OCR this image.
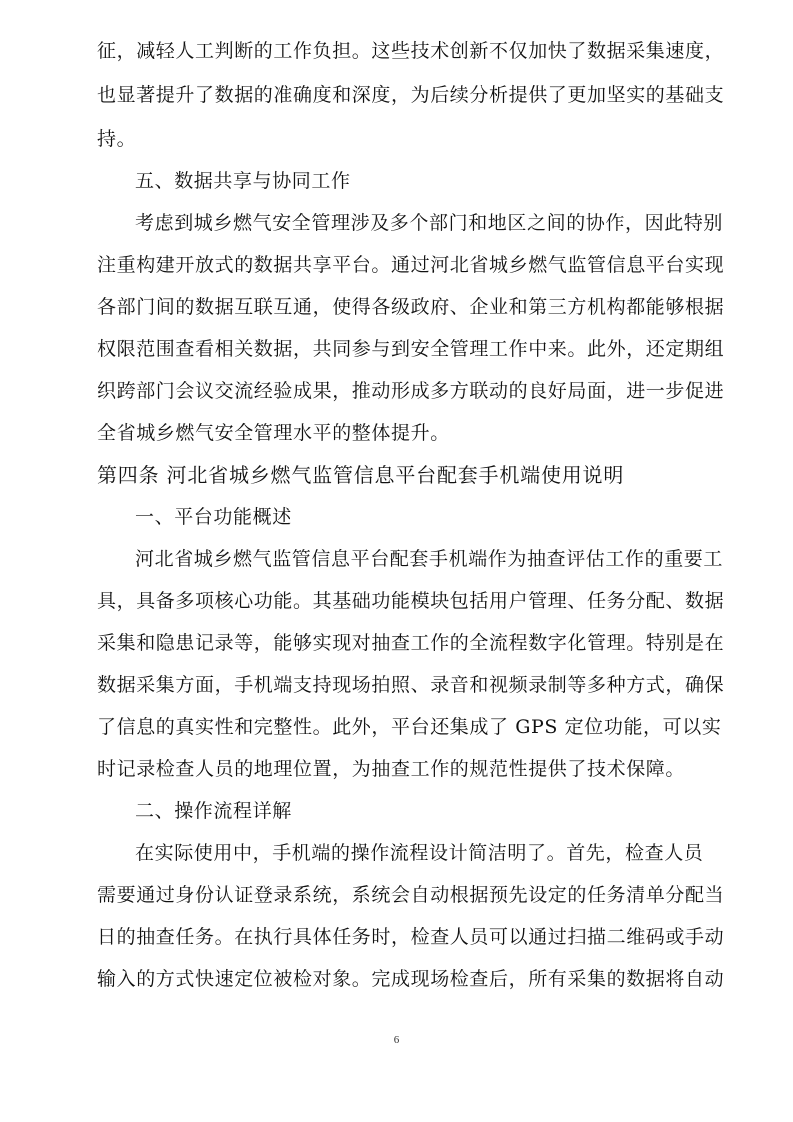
征，减轻人工判断的工作负担。这些技术创新不仅加快了数据采集速度，
也显著提升了数据的准确度和深度，为后续分析提供了更加坚实的基础支
持。
五、数据共享与协同工作
考虑到城乡燃气安全管理涉及多个部门和地区之间的协作，因此特别
注重构建开放式的数据共享平台。通过河北省城乡燃气监管信息平台实现
各部门间的数据互联互通，使得各级政府、企业和第三方机构都能够根据
权限范围查看相关数据，共同参与到安全管理工作中来。此外，还定期组
织跨部门会议交流经验成果，推动形成多方联动的良好局面，进一步促进
全省城乡燃气安全管理水平的整体提升。
第四条 河北省城乡燃气监管信息平台配套手机端使用说明
一、平台功能概述
河北省城乡燃气监管信息平台配套手机端作为抽查评估工作的重要工
具，具备多项核心功能。其基础功能模块包括用户管理、任务分配、数据
采集和隐患记录等，能够实现对抽查工作的全流程数字化管理。特别是在
数据采集方面，手机端支持现场拍照、录音和视频录制等多种方式，确保
了信息的真实性和完整性。此外，平台还集成了 GPS 定位功能，可以实
时记录检查人员的地理位置，为抽查工作的规范性提供了技术保障。
二、操作流程详解
在实际使用中，手机端的操作流程设计简洁明了。首先，检查人员
需要通过身份认证登录系统，系统会自动根据预先设定的任务清单分配当
日的抽查任务。在执行具体任务时，检查人员可以通过扫描二维码或手动
输入的方式快速定位被检对象。完成现场检查后，所有采集的数据将自动
6
